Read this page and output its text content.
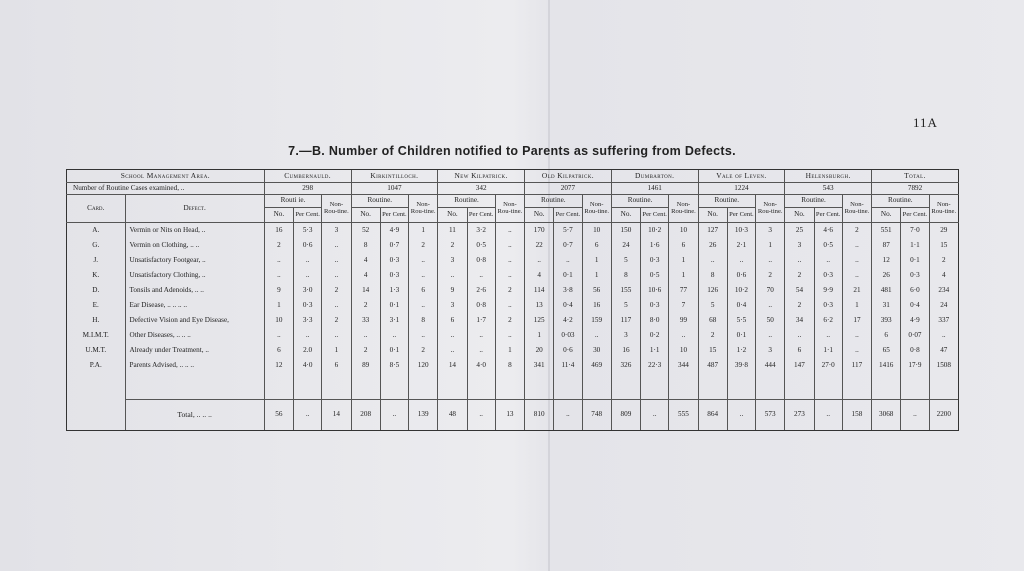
11A
7.—B. Number of Children notified to Parents as suffering from Defects.
School Management Area.		Cumbernauld.			Kirkintilloch.			New Kilpatrick.			Old Kilpatrick.			Dumbarton.			Vale of Leven.			Helensburgh.			Total.		
Number of Routine Cases examined, ..		298			1047			342			2077			1461			1224			543			7892		
Card.	Defect.	Routi ie.		Non-Rou-tine.	Routine.		Non-Rou-tine.	Routine.		Non-Rou-tine.	Routine.		Non-Rou-tine.	Routine.		Non-Rou-tine.	Routine.		Non-Rou-tine.	Routine.		Non-Rou-tine.	Routine.		Non-Rou-tine.
		No.	Per Cent.		No.	Per Cent.		No.	Per Cent.		No.	Per Cent.		No.	Per Cent.		No.	Per Cent.		No.	Per Cent.		No.	Per Cent.	
A.	Vermin or Nits on Head, ..	16	5·3	3	52	4·9	1	11	3·2	..	170	5·7	10	150	10·2	10	127	10·3	3	25	4·6	2	551	7·0	29
G.	Vermin on Clothing, .. ..	2	0·6	..	8	0·7	2	2	0·5	..	22	0·7	6	24	1·6	6	26	2·1	1	3	0·5	..	87	1·1	15
J.	Unsatisfactory Footgear, ..	..	..	..	4	0·3	..	3	0·8	..	..	..	1	5	0·3	1	..	..	..	..	..	..	12	0·1	2
K.	Unsatisfactory Clothing, ..	..	..	..	4	0·3	..	..	..	..	4	0·1	1	8	0·5	1	8	0·6	2	2	0·3	..	26	0·3	4
D.	Tonsils and Adenoids, .. ..	9	3·0	2	14	1·3	6	9	2·6	2	114	3·8	56	155	10·6	77	126	10·2	70	54	9·9	21	481	6·0	234
E.	Ear Disease, .. .. .. ..	1	0·3	..	2	0·1	..	3	0·8	..	13	0·4	16	5	0·3	7	5	0·4	..	2	0·3	1	31	0·4	24
H.	Defective Vision and Eye Disease,	10	3·3	2	33	3·1	8	6	1·7	2	125	4·2	159	117	8·0	99	68	5·5	50	34	6·2	17	393	4·9	337
M.I.M.T.	Other Diseases, .. .. ..	..	..	..	..	..	..	..	..	..	1	0·03	..	3	0·2	..	2	0·1	..	..	..	..	6	0·07	..
U.M.T.	Already under Treatment, ..	6	2.0	1	2	0·1	2	..	..	1	20	0·6	30	16	1·1	10	15	1·2	3	6	1·1	..	65	0·8	47
P.A.	Parents Advised, .. .. ..	12	4·0	6	89	8·5	120	14	4·0	8	341	11·4	469	326	22·3	344	487	39·8	444	147	27·0	117	1416	17·9	1508

	Total, .. .. ..	56	..	14	208	..	139	48	..	13	810	..	748	809	..	555	864	..	573	273	..	158	3068	..	2200
